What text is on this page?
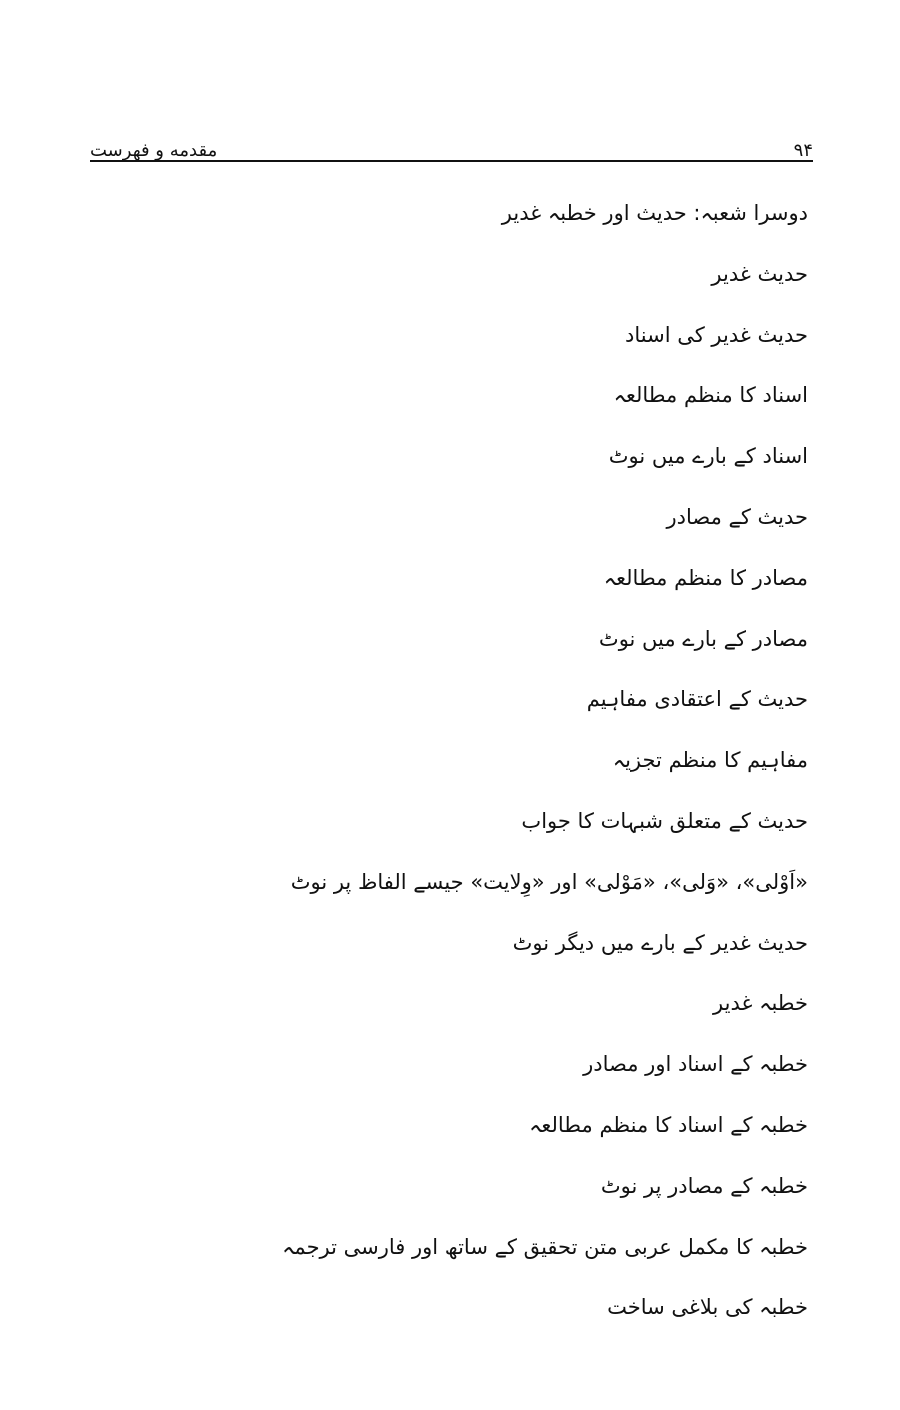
مقدمه و فهرست	۹۴
دوسرا شعبہ: حدیث اور خطبہ غدیر
حدیث غدیر
حدیث غدیر کی اسناد
اسناد کا منظم مطالعہ
اسناد کے بارے میں نوٹ
حدیث کے مصادر
مصادر کا منظم مطالعہ
مصادر کے بارے میں نوٹ
حدیث کے اعتقادی مفاہیم
مفاہیم کا منظم تجزیہ
حدیث کے متعلق شبہات کا جواب
«اَوْلی»، «وَلی»، «مَوْلی» اور «وِلایت» جیسے الفاظ پر نوٹ
حدیث غدیر کے بارے میں دیگر نوٹ
خطبہ غدیر
خطبہ کے اسناد اور مصادر
خطبہ کے اسناد کا منظم مطالعہ
خطبہ کے مصادر پر نوٹ
خطبہ کا مکمل عربی متن تحقیق کے ساتھ اور فارسی ترجمہ
خطبہ کی بلاغی ساخت
